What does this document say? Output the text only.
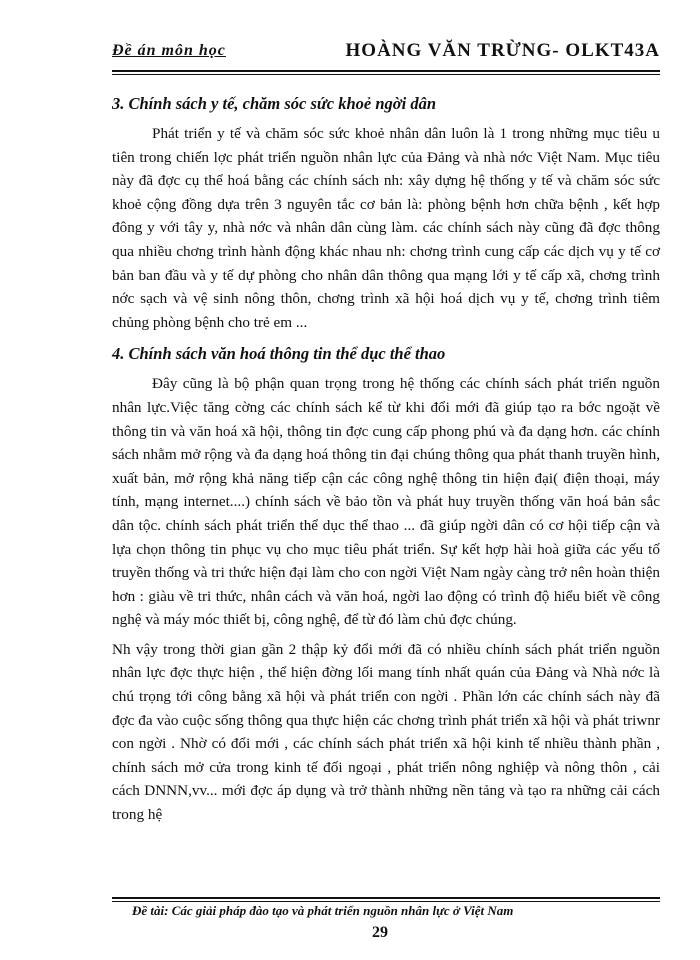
Đề án môn học	HOÀNG VĂN TRỪNG- OLKT43A
3. Chính sách y tế, chăm sóc sức khoẻ ngời dân

Phát triển y tế và chăm sóc sức khoẻ nhân dân luôn là 1 trong những mục tiêu u tiên trong chiến lợc phát triển nguồn nhân lực của Đảng và nhà nớc Việt Nam. Mục tiêu này đã đợc cụ thể hoá bằng các chính sách nh: xây dựng hệ thống y tế và chăm sóc sức khoẻ cộng đồng dựa trên 3 nguyên tắc cơ bản là: phòng bệnh hơn chữa bệnh , kết hợp đông y với tây y, nhà nớc và nhân dân cùng làm. các chính sách này cũng đã đợc thông qua nhiều chơng trình hành động khác nhau nh: chơng trình cung cấp các dịch vụ y tế cơ bản ban đầu và y tế dự phòng cho nhân dân thông qua mạng lới y tế cấp xã, chơng trình nớc sạch và vệ sinh nông thôn, chơng trình xã hội hoá dịch vụ y tế, chơng trình tiêm chủng phòng bệnh cho trẻ em ...

4. Chính sách văn hoá thông tin thể dục thể thao

Đây cũng là bộ phận quan trọng trong hệ thống các chính sách phát triển nguồn nhân lực.Việc tăng cờng các chính sách kể từ khi đổi mới đã giúp tạo ra bớc ngoặt về thông tin và văn hoá xã hội, thông tin đợc cung cấp phong phú và đa dạng hơn. các chính sách nhằm mở rộng và đa dạng hoá thông tin đại chúng thông qua phát thanh truyền hình, xuất bản, mở rộng khả năng tiếp cận các công nghệ thông tin hiện đại( điện thoại, máy tính, mạng internet....) chính sách về bảo tồn và phát huy truyền thống văn hoá bản sắc dân tộc. chính sách phát triển thể dục thể thao ... đã giúp ngời dân có cơ hội tiếp cận và lựa chọn thông tin phục vụ cho mục tiêu phát triển. Sự kết hợp hài hoà giữa các yếu tố truyền thống và tri thức hiện đại làm cho con ngời Việt Nam ngày càng trở nên hoàn thiện hơn : giàu về tri thức, nhân cách và văn hoá, ngời lao động có trình độ hiểu biết về công nghệ và máy móc thiết bị, công nghệ, để từ đó làm chủ đợc chúng.

Nh vậy trong thời gian gần 2 thập kỷ đổi mới đã có nhiều chính sách phát triển nguồn nhân lực đợc thực hiện , thể hiện đờng lối mang tính nhất quán của Đảng và Nhà nớc là chú trọng tới công bằng xã hội và phát triển con ngời . Phần lớn các chính sách này đã đợc đa vào cuộc sống thông qua thực hiện các chơng trình phát triển xã hội và phát triwnr con ngời . Nhờ có đổi mới , các chính sách phát triển xã hội kinh tế nhiều thành phần , chính sách mở cửa trong kinh tế đối ngoại , phát triển nông nghiệp và nông thôn , cải cách DNNN,vv... mới đợc áp dụng và trở thành những nền tảng và tạo ra những cải cách trong hệ

Đề tài: Các giải pháp đào tạo và phát triển nguồn nhân lực ở Việt Nam
29
